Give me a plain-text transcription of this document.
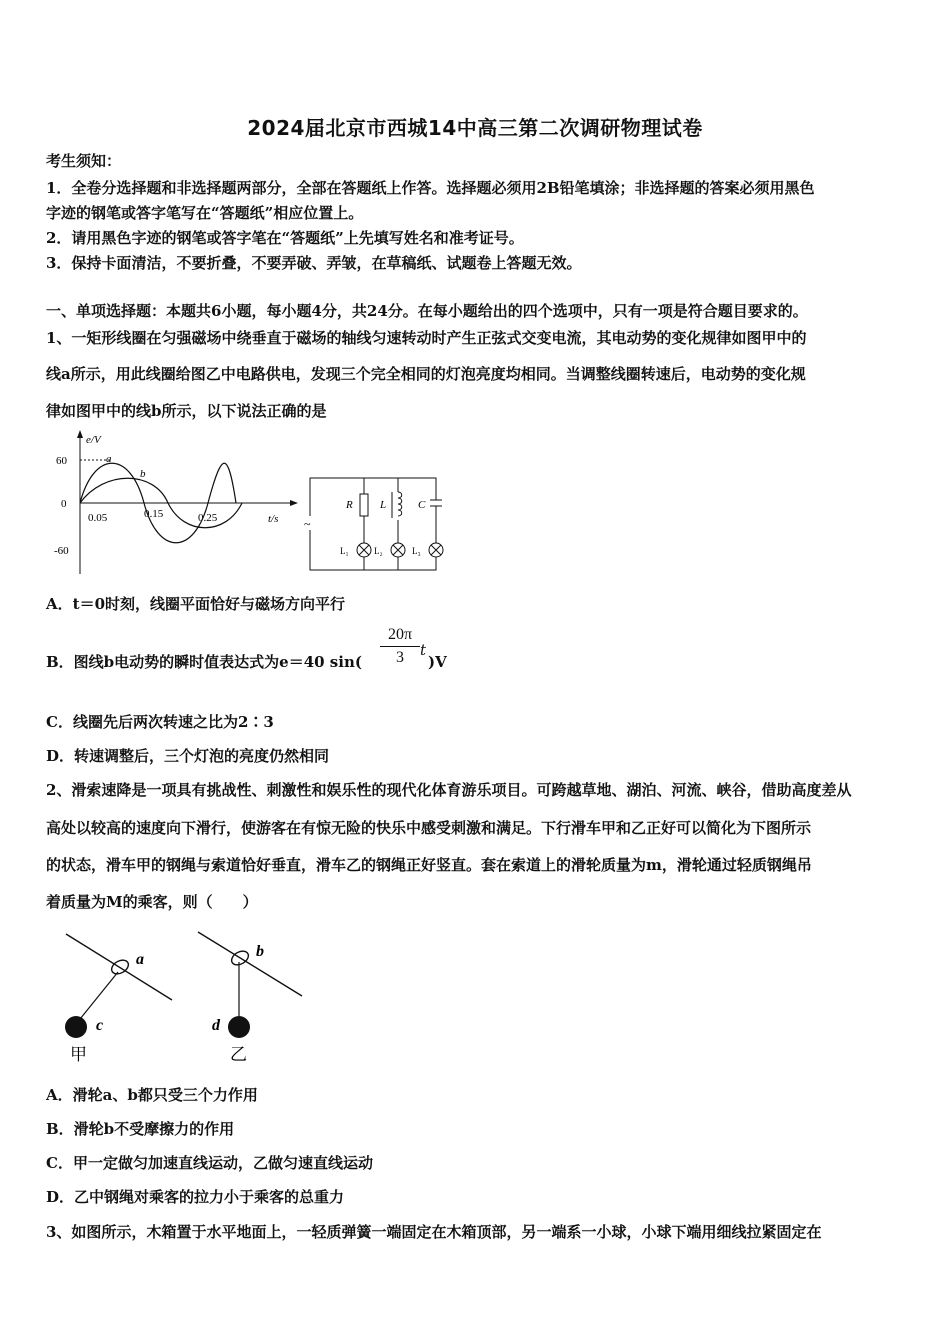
2024届北京市西城14中高三第二次调研物理试卷
考生须知：
1．全卷分选择题和非选择题两部分，全部在答题纸上作答。选择题必须用2B铅笔填涂；非选择题的答案必须用黑色
字迹的钢笔或答字笔写在“答题纸”相应位置上。
2．请用黑色字迹的钢笔或答字笔在“答题纸”上先填写姓名和准考证号。
3．保持卡面清洁，不要折叠，不要弄破、弄皱，在草稿纸、试题卷上答题无效。
一、单项选择题：本题共6小题，每小题4分，共24分。在每小题给出的四个选项中，只有一项是符合题目要求的。
1、一矩形线圈在匀强磁场中绕垂直于磁场的轴线匀速转动时产生正弦式交变电流，其电动势的变化规律如图甲中的
线a所示，用此线圈给图乙中电路供电，发现三个完全相同的灯泡亮度均相同。当调整线圈转速后，电动势的变化规
律如图甲中的线b所示，以下说法正确的是
e/V
t/s
60
0
-60
0.05	0.15	0.25
a
b
~
R L	C
L₁	L₂	L₃
A．t＝0时刻，线圈平面恰好与磁场方向平行
B．图线b电动势的瞬时值表达式为e＝40 $\sin( \frac{20\pi}{3}$ t
)V
C．线圈先后两次转速之比为2∶3
D．转速调整后，三个灯泡的亮度仍然相同
2、滑索速降是一项具有挑战性、刺激性和娱乐性的现代化体育游乐项目。可跨越草地、湖泊、河流、峡谷，借助高度差从
高处以较高的速度向下滑行，使游客在有惊无险的快乐中感受刺激和满足。下行滑车甲和乙正好可以简化为下图所示
的状态，滑车甲的钢绳与索道恰好垂直，滑车乙的钢绳正好竖直。套在索道上的滑轮质量为m，滑轮通过轻质钢绳吊
着质量为M的乘客，则（　　）
a
c
甲
b
d
乙
A．滑轮a、b都只受三个力作用
B．滑轮b不受摩擦力的作用
C．甲一定做匀加速直线运动，乙做匀速直线运动
D．乙中钢绳对乘客的拉力小于乘客的总重力
3、如图所示，木箱置于水平地面上，一轻质弹簧一端固定在木箱顶部，另一端系一小球，小球下端用细线拉紧固定在
